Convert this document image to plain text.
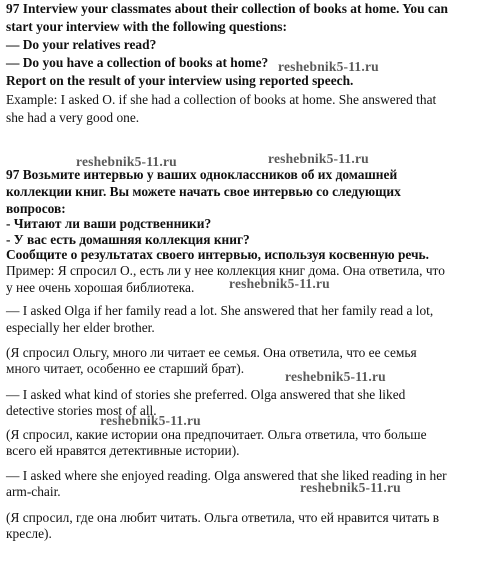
97 Interview your classmates about their collection of books at home. You can
start your interview with the following questions:
— Do your relatives read?
— Do you have a collection of books at home?
Report on the result of your interview using reported speech.
Example: I asked O. if she had a collection of books at home. She answered that
she had a very good one.
97 Возьмите интервью у ваших одноклассников об их домашней
коллекции книг. Вы можете начать свое интервью со следующих
вопросов:
- Читают ли ваши родственники?
- У вас есть домашняя коллекция книг?
Сообщите о результатах своего интервью, используя косвенную речь.
Пример: Я спросил О., есть ли у нее коллекция книг дома. Она ответила, что
у нее очень хорошая библиотека.
— I asked Olga if her family read a lot. She answered that her family read a lot,
especially her elder brother.
(Я спросил Ольгу, много ли читает ее семья. Она ответила, что ее семья
много читает, особенно ее старший брат).
— I asked what kind of stories she preferred. Olga answered that she liked
detective stories most of all.
(Я спросил, какие истории она предпочитает. Ольга ответила, что больше
всего ей нравятся детективные истории).
— I asked where she enjoyed reading. Olga answered that she liked reading in her
arm-chair.
(Я спросил, где она любит читать. Ольга ответила, что ей нравится читать в
кресле).
reshebnik5-11.ru
reshebnik5-11.ru	reshebnik5-11.ru
reshebnik5-11.ru
reshebnik5-11.ru
reshebnik5-11.ru
reshebnik5-11.ru
